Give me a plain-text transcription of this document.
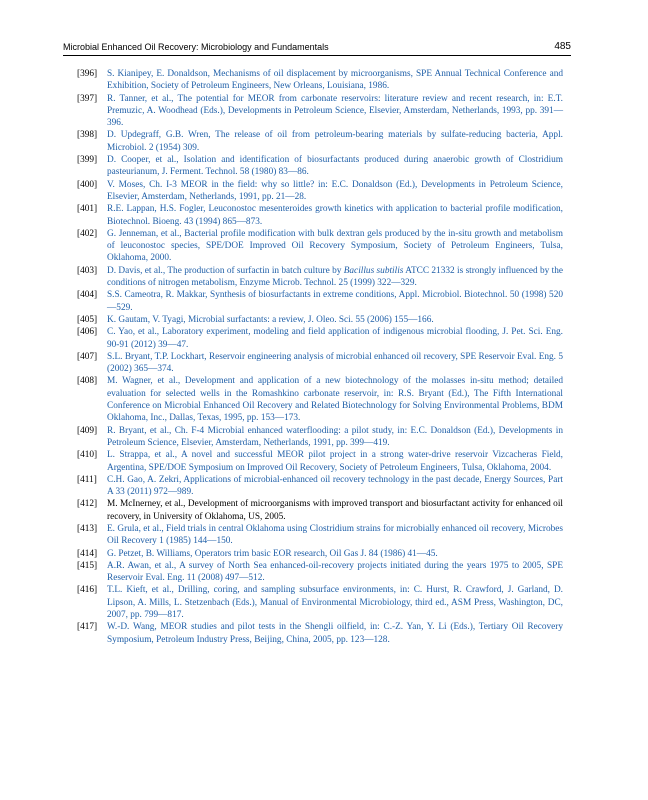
Microbial Enhanced Oil Recovery: Microbiology and Fundamentals	485
[396] S. Kianipey, E. Donaldson, Mechanisms of oil displacement by microorganisms, SPE Annual Technical Conference and Exhibition, Society of Petroleum Engineers, New Orleans, Louisiana, 1986.
[397] R. Tanner, et al., The potential for MEOR from carbonate reservoirs: literature review and recent research, in: E.T. Premuzic, A. Woodhead (Eds.), Developments in Petroleum Science, Elsevier, Amsterdam, Netherlands, 1993, pp. 391—396.
[398] D. Updegraff, G.B. Wren, The release of oil from petroleum-bearing materials by sulfate-reducing bacteria, Appl. Microbiol. 2 (1954) 309.
[399] D. Cooper, et al., Isolation and identification of biosurfactants produced during anaerobic growth of Clostridium pasteurianum, J. Ferment. Technol. 58 (1980) 83—86.
[400] V. Moses, Ch. I-3 MEOR in the field: why so little? in: E.C. Donaldson (Ed.), Developments in Petroleum Science, Elsevier, Amsterdam, Netherlands, 1991, pp. 21—28.
[401] R.E. Lappan, H.S. Fogler, Leuconostoc mesenteroides growth kinetics with application to bacterial profile modification, Biotechnol. Bioeng. 43 (1994) 865—873.
[402] G. Jenneman, et al., Bacterial profile modification with bulk dextran gels produced by the in-situ growth and metabolism of leuconostoc species, SPE/DOE Improved Oil Recovery Symposium, Society of Petroleum Engineers, Tulsa, Oklahoma, 2000.
[403] D. Davis, et al., The production of surfactin in batch culture by Bacillus subtilis ATCC 21332 is strongly influenced by the conditions of nitrogen metabolism, Enzyme Microb. Technol. 25 (1999) 322—329.
[404] S.S. Cameotra, R. Makkar, Synthesis of biosurfactants in extreme conditions, Appl. Microbiol. Biotechnol. 50 (1998) 520—529.
[405] K. Gautam, V. Tyagi, Microbial surfactants: a review, J. Oleo. Sci. 55 (2006) 155—166.
[406] C. Yao, et al., Laboratory experiment, modeling and field application of indigenous microbial flooding, J. Pet. Sci. Eng. 90-91 (2012) 39—47.
[407] S.L. Bryant, T.P. Lockhart, Reservoir engineering analysis of microbial enhanced oil recovery, SPE Reservoir Eval. Eng. 5 (2002) 365—374.
[408] M. Wagner, et al., Development and application of a new biotechnology of the molasses in-situ method; detailed evaluation for selected wells in the Romashkino carbonate reservoir, in: R.S. Bryant (Ed.), The Fifth International Conference on Microbial Enhanced Oil Recovery and Related Biotechnology for Solving Environmental Problems, BDM Oklahoma, Inc., Dallas, Texas, 1995, pp. 153—173.
[409] R. Bryant, et al., Ch. F-4 Microbial enhanced waterflooding: a pilot study, in: E.C. Donaldson (Ed.), Developments in Petroleum Science, Elsevier, Amsterdam, Netherlands, 1991, pp. 399—419.
[410] L. Strappa, et al., A novel and successful MEOR pilot project in a strong water-drive reservoir Vizcacheras Field, Argentina, SPE/DOE Symposium on Improved Oil Recovery, Society of Petroleum Engineers, Tulsa, Oklahoma, 2004.
[411] C.H. Gao, A. Zekri, Applications of microbial-enhanced oil recovery technology in the past decade, Energy Sources, Part A 33 (2011) 972—989.
[412] M. McInerney, et al., Development of microorganisms with improved transport and biosurfactant activity for enhanced oil recovery, in University of Oklahoma, US, 2005.
[413] E. Grula, et al., Field trials in central Oklahoma using Clostridium strains for microbially enhanced oil recovery, Microbes Oil Recovery 1 (1985) 144—150.
[414] G. Petzet, B. Williams, Operators trim basic EOR research, Oil Gas J. 84 (1986) 41—45.
[415] A.R. Awan, et al., A survey of North Sea enhanced-oil-recovery projects initiated during the years 1975 to 2005, SPE Reservoir Eval. Eng. 11 (2008) 497—512.
[416] T.L. Kieft, et al., Drilling, coring, and sampling subsurface environments, in: C. Hurst, R. Crawford, J. Garland, D. Lipson, A. Mills, L. Stetzenbach (Eds.), Manual of Environmental Microbiology, third ed., ASM Press, Washington, DC, 2007, pp. 799—817.
[417] W.-D. Wang, MEOR studies and pilot tests in the Shengli oilfield, in: C.-Z. Yan, Y. Li (Eds.), Tertiary Oil Recovery Symposium, Petroleum Industry Press, Beijing, China, 2005, pp. 123—128.
